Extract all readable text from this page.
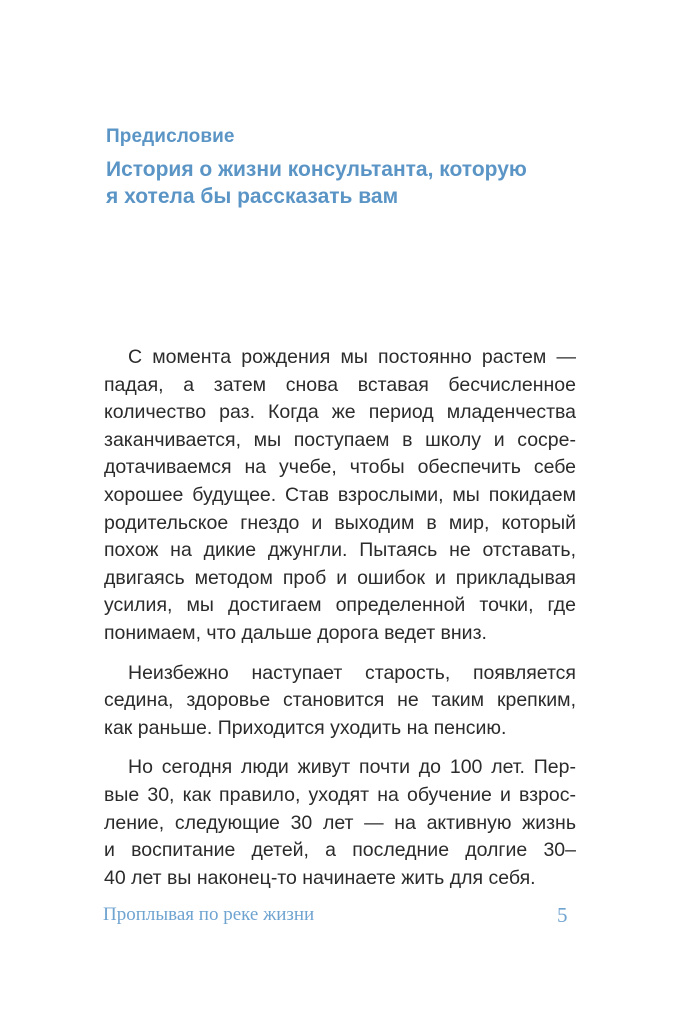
Предисловие
История о жизни консультанта, которую
я хотела бы рассказать вам
С момента рождения мы постоянно растем —
падая, а затем снова вставая бесчисленное
количество раз. Когда же период младенчества
заканчивается, мы поступаем в школу и сосре-
дотачиваемся на учебе, чтобы обеспечить себе
хорошее будущее. Став взрослыми, мы покидаем
родительское гнездо и выходим в мир, который
похож на дикие джунгли. Пытаясь не отставать,
двигаясь методом проб и ошибок и прикладывая
усилия, мы достигаем определенной точки, где
понимаем, что дальше дорога ведет вниз.
Неизбежно наступает старость, появляется
седина, здоровье становится не таким крепким,
как раньше. Приходится уходить на пенсию.
Но сегодня люди живут почти до 100 лет. Пер-
вые 30, как правило, уходят на обучение и взрос-
ление, следующие 30 лет — на активную жизнь
и воспитание детей, а последние долгие 30–
40 лет вы наконец-то начинаете жить для себя.
Проплывая по реке жизни	5
